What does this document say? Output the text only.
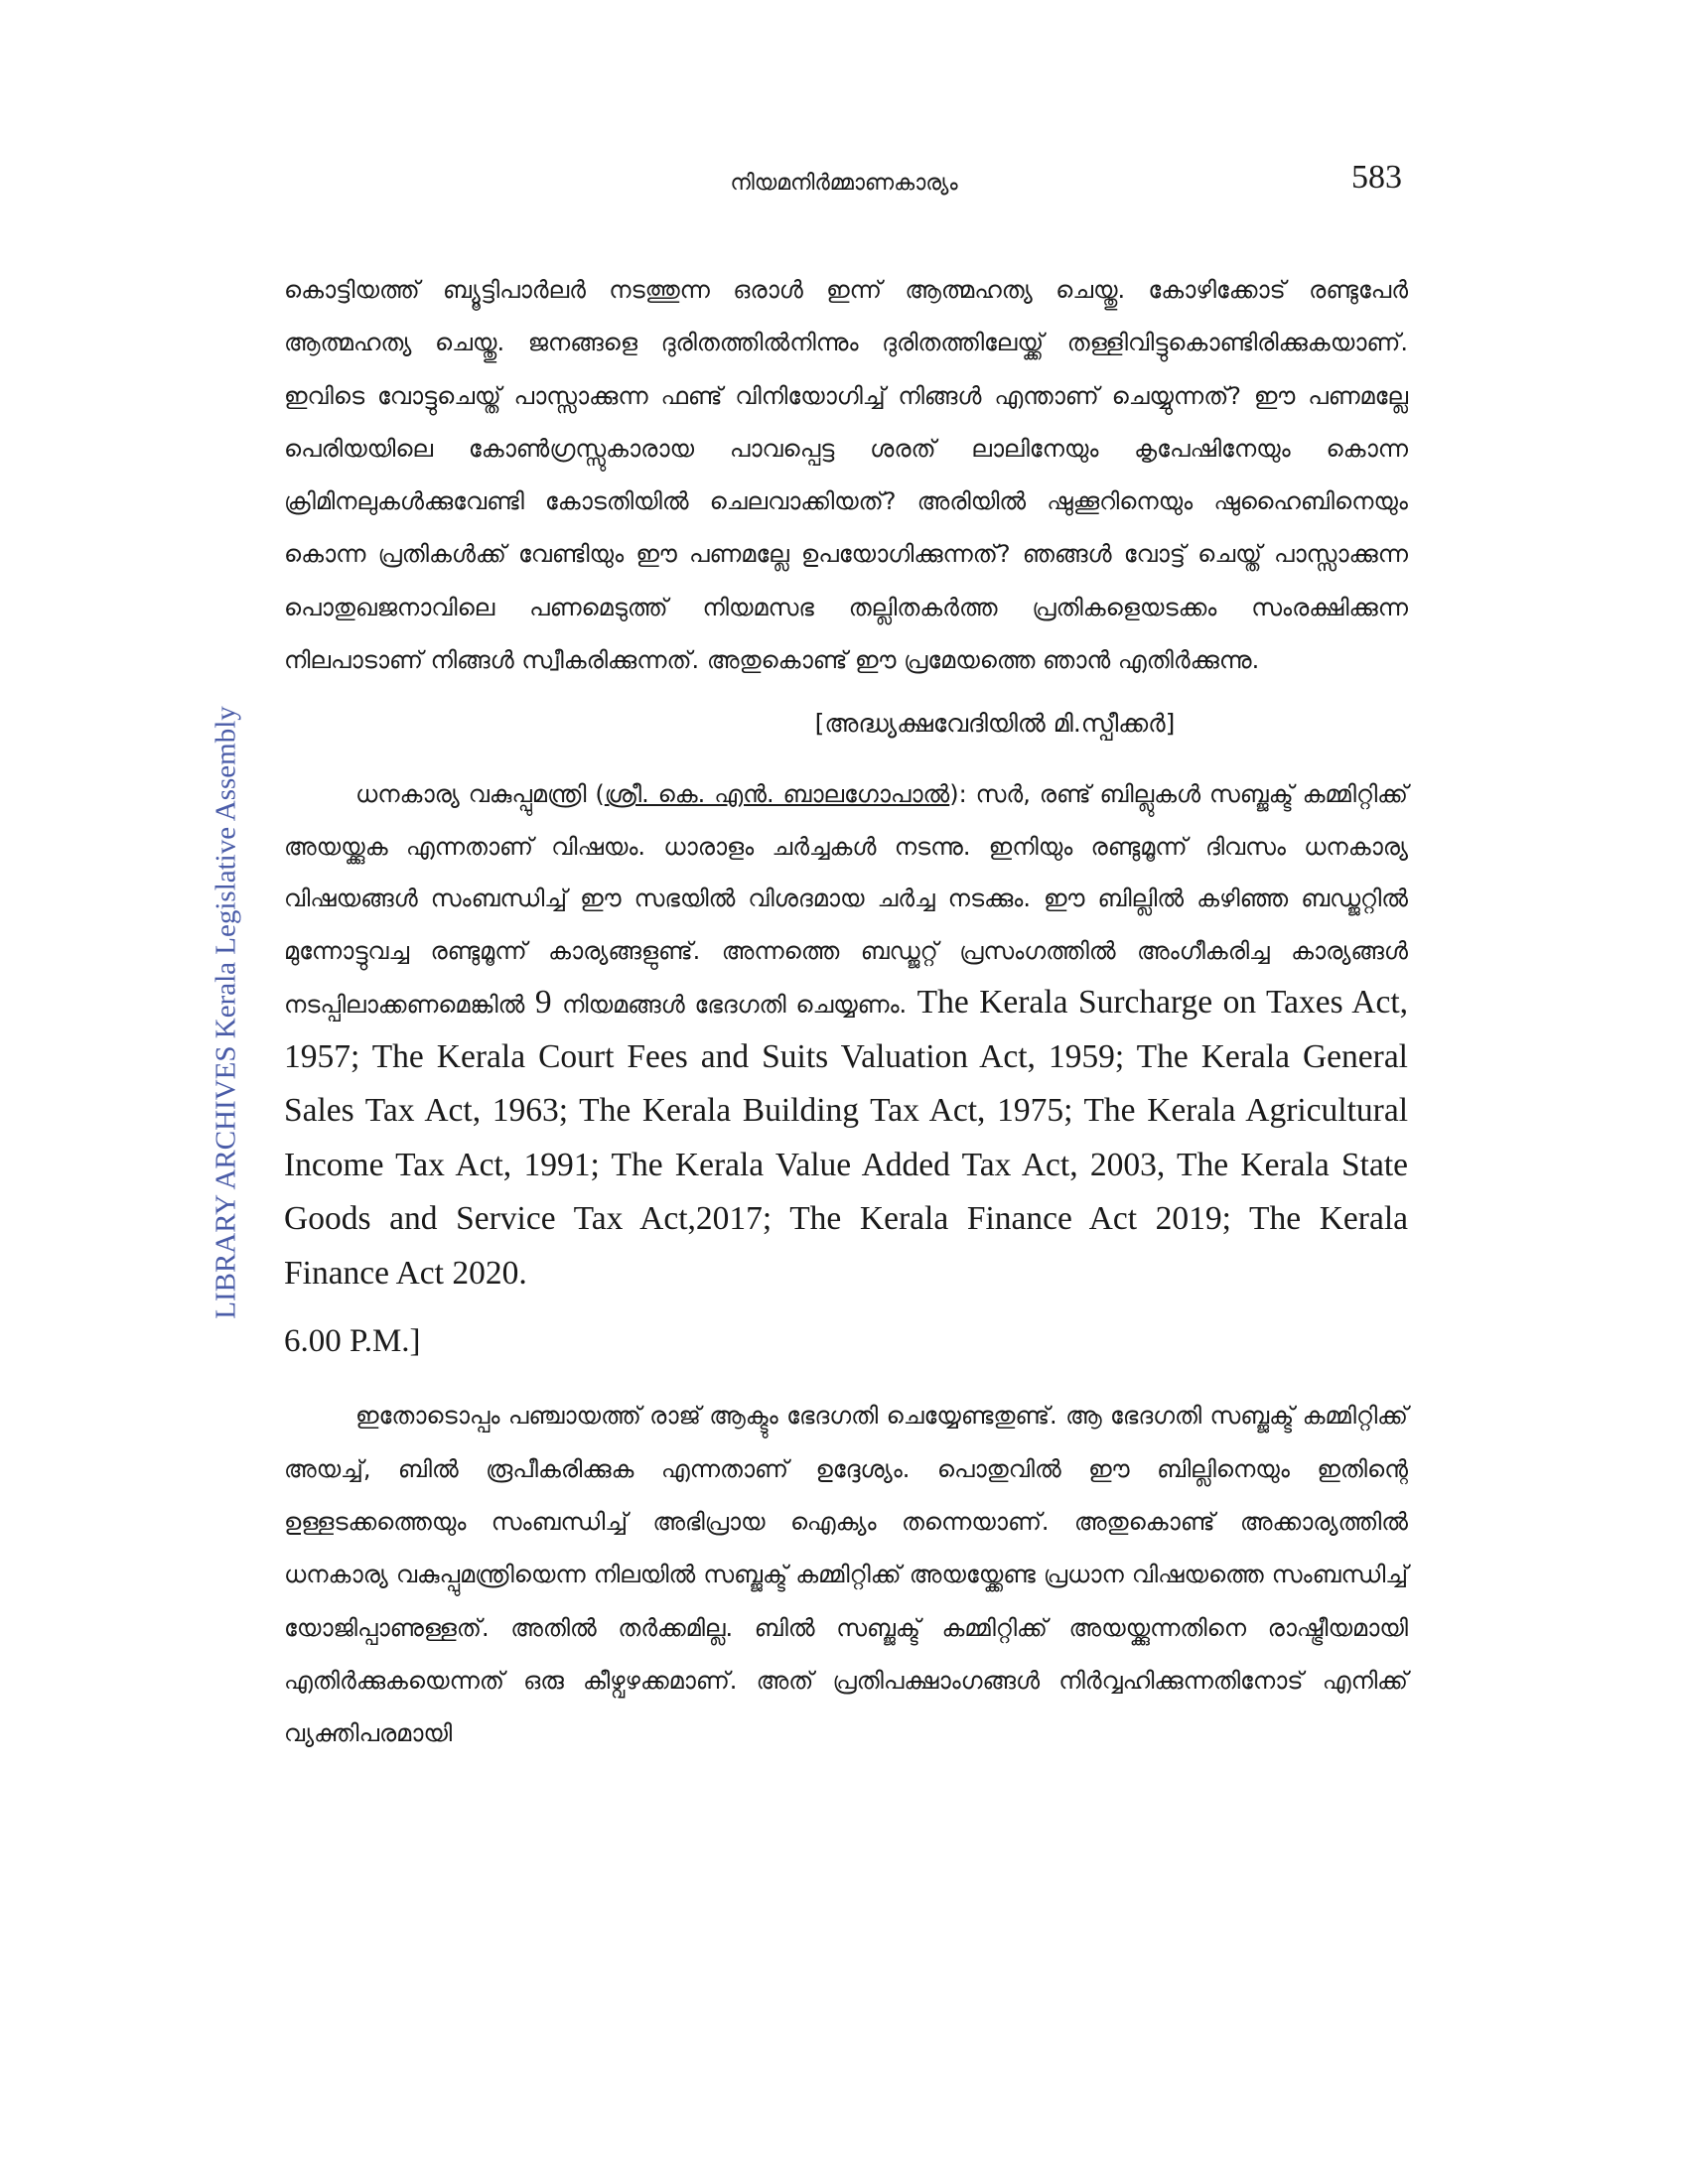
നിയമനിർമ്മാണകാര്യം	583
LIBRARY ARCHIVES Kerala Legislative Assembly

കൊട്ടിയത്ത് ബ്യൂട്ടിപാർലർ നടത്തുന്ന ഒരാൾ ഇന്ന് ആത്മഹത്യ ചെയ്തു. കോഴിക്കോട് രണ്ടുപേർ ആത്മഹത്യ ചെയ്തു. ജനങ്ങളെ ദുരിതത്തിൽനിന്നും ദുരിതത്തിലേയ്ക്ക് തള്ളിവിട്ടുകൊണ്ടിരിക്കുകയാണ്. ഇവിടെ വോട്ടുചെയ്ത് പാസ്സാക്കുന്ന ഫണ്ട് വിനിയോഗിച്ച് നിങ്ങൾ എന്താണ് ചെയ്യുന്നത്? ഈ പണമല്ലേ പെരിയയിലെ കോൺഗ്രസ്സുകാരായ പാവപ്പെട്ട ശരത് ലാലിനേയും കൃപേഷിനേയും കൊന്ന ക്രിമിനലുകൾക്കുവേണ്ടി കോടതിയിൽ ചെലവാക്കിയത്? അരിയിൽ ഷുക്കൂറിനെയും ഷുഹൈബിനെയും കൊന്ന പ്രതികൾക്ക് വേണ്ടിയും ഈ പണമല്ലേ ഉപയോഗിക്കുന്നത്? ഞങ്ങൾ വോട്ട് ചെയ്ത് പാസ്സാക്കുന്ന പൊതുഖജനാവിലെ പണമെടുത്ത് നിയമസഭ തല്ലിതകർത്ത പ്രതികളെയടക്കം സംരക്ഷിക്കുന്ന നിലപാടാണ് നിങ്ങൾ സ്വീകരിക്കുന്നത്. അതുകൊണ്ട് ഈ പ്രമേയത്തെ ഞാൻ എതിർക്കുന്നു.

[അദ്ധ്യക്ഷവേദിയിൽ മി.സ്പീക്കർ]

ധനകാര്യ വകുപ്പുമന്ത്രി (ശ്രീ. കെ. എൻ. ബാലഗോപാൽ): സർ, രണ്ട് ബില്ലുകൾ സബ്ജക്ട് കമ്മിറ്റിക്ക് അയയ്ക്കുക എന്നതാണ് വിഷയം. ധാരാളം ചർച്ചകൾ നടന്നു. ഇനിയും രണ്ടുമൂന്ന് ദിവസം ധനകാര്യ വിഷയങ്ങൾ സംബന്ധിച്ച് ഈ സഭയിൽ വിശദമായ ചർച്ച നടക്കും. ഈ ബില്ലിൽ കഴിഞ്ഞ ബഡ്ജറ്റിൽ മുന്നോട്ടുവച്ച രണ്ടുമൂന്ന് കാര്യങ്ങളുണ്ട്. അന്നത്തെ ബഡ്ജറ്റ് പ്രസംഗത്തിൽ അംഗീകരിച്ച കാര്യങ്ങൾ നടപ്പിലാക്കണമെങ്കിൽ 9 നിയമങ്ങൾ ഭേദഗതി ചെയ്യണം. The Kerala Surcharge on Taxes Act, 1957; The Kerala Court Fees and Suits Valuation Act, 1959; The Kerala General Sales Tax Act, 1963; The Kerala Building Tax Act, 1975; The Kerala Agricultural Income Tax Act, 1991; The Kerala Value Added Tax Act, 2003, The Kerala State Goods and Service Tax Act,2017; The Kerala Finance Act 2019; The Kerala Finance Act 2020.

6.00 P.M.]

ഇതോടൊപ്പം പഞ്ചായത്ത് രാജ് ആക്ടും ഭേദഗതി ചെയ്യേണ്ടതുണ്ട്. ആ ഭേദഗതി സബ്ജക്ട് കമ്മിറ്റിക്ക് അയച്ച്, ബിൽ രൂപീകരിക്കുക എന്നതാണ് ഉദ്ദേശ്യം. പൊതുവിൽ ഈ ബില്ലിനെയും ഇതിന്റെ ഉള്ളടക്കത്തെയും സംബന്ധിച്ച് അഭിപ്രായ ഐക്യം തന്നെയാണ്. അതുകൊണ്ട് അക്കാര്യത്തിൽ ധനകാര്യ വകുപ്പുമന്ത്രിയെന്ന നിലയിൽ സബ്ജക്ട് കമ്മിറ്റിക്ക് അയയ്ക്കേണ്ട പ്രധാന വിഷയത്തെ സംബന്ധിച്ച് യോജിപ്പാണുള്ളത്. അതിൽ തർക്കമില്ല. ബിൽ സബ്ജക്ട് കമ്മിറ്റിക്ക് അയയ്ക്കുന്നതിനെ രാഷ്ട്രീയമായി എതിർക്കുകയെന്നത് ഒരു കീഴ്വഴക്കമാണ്. അത് പ്രതിപക്ഷാംഗങ്ങൾ നിർവ്വഹിക്കുന്നതിനോട് എനിക്ക് വ്യക്തിപരമായി
